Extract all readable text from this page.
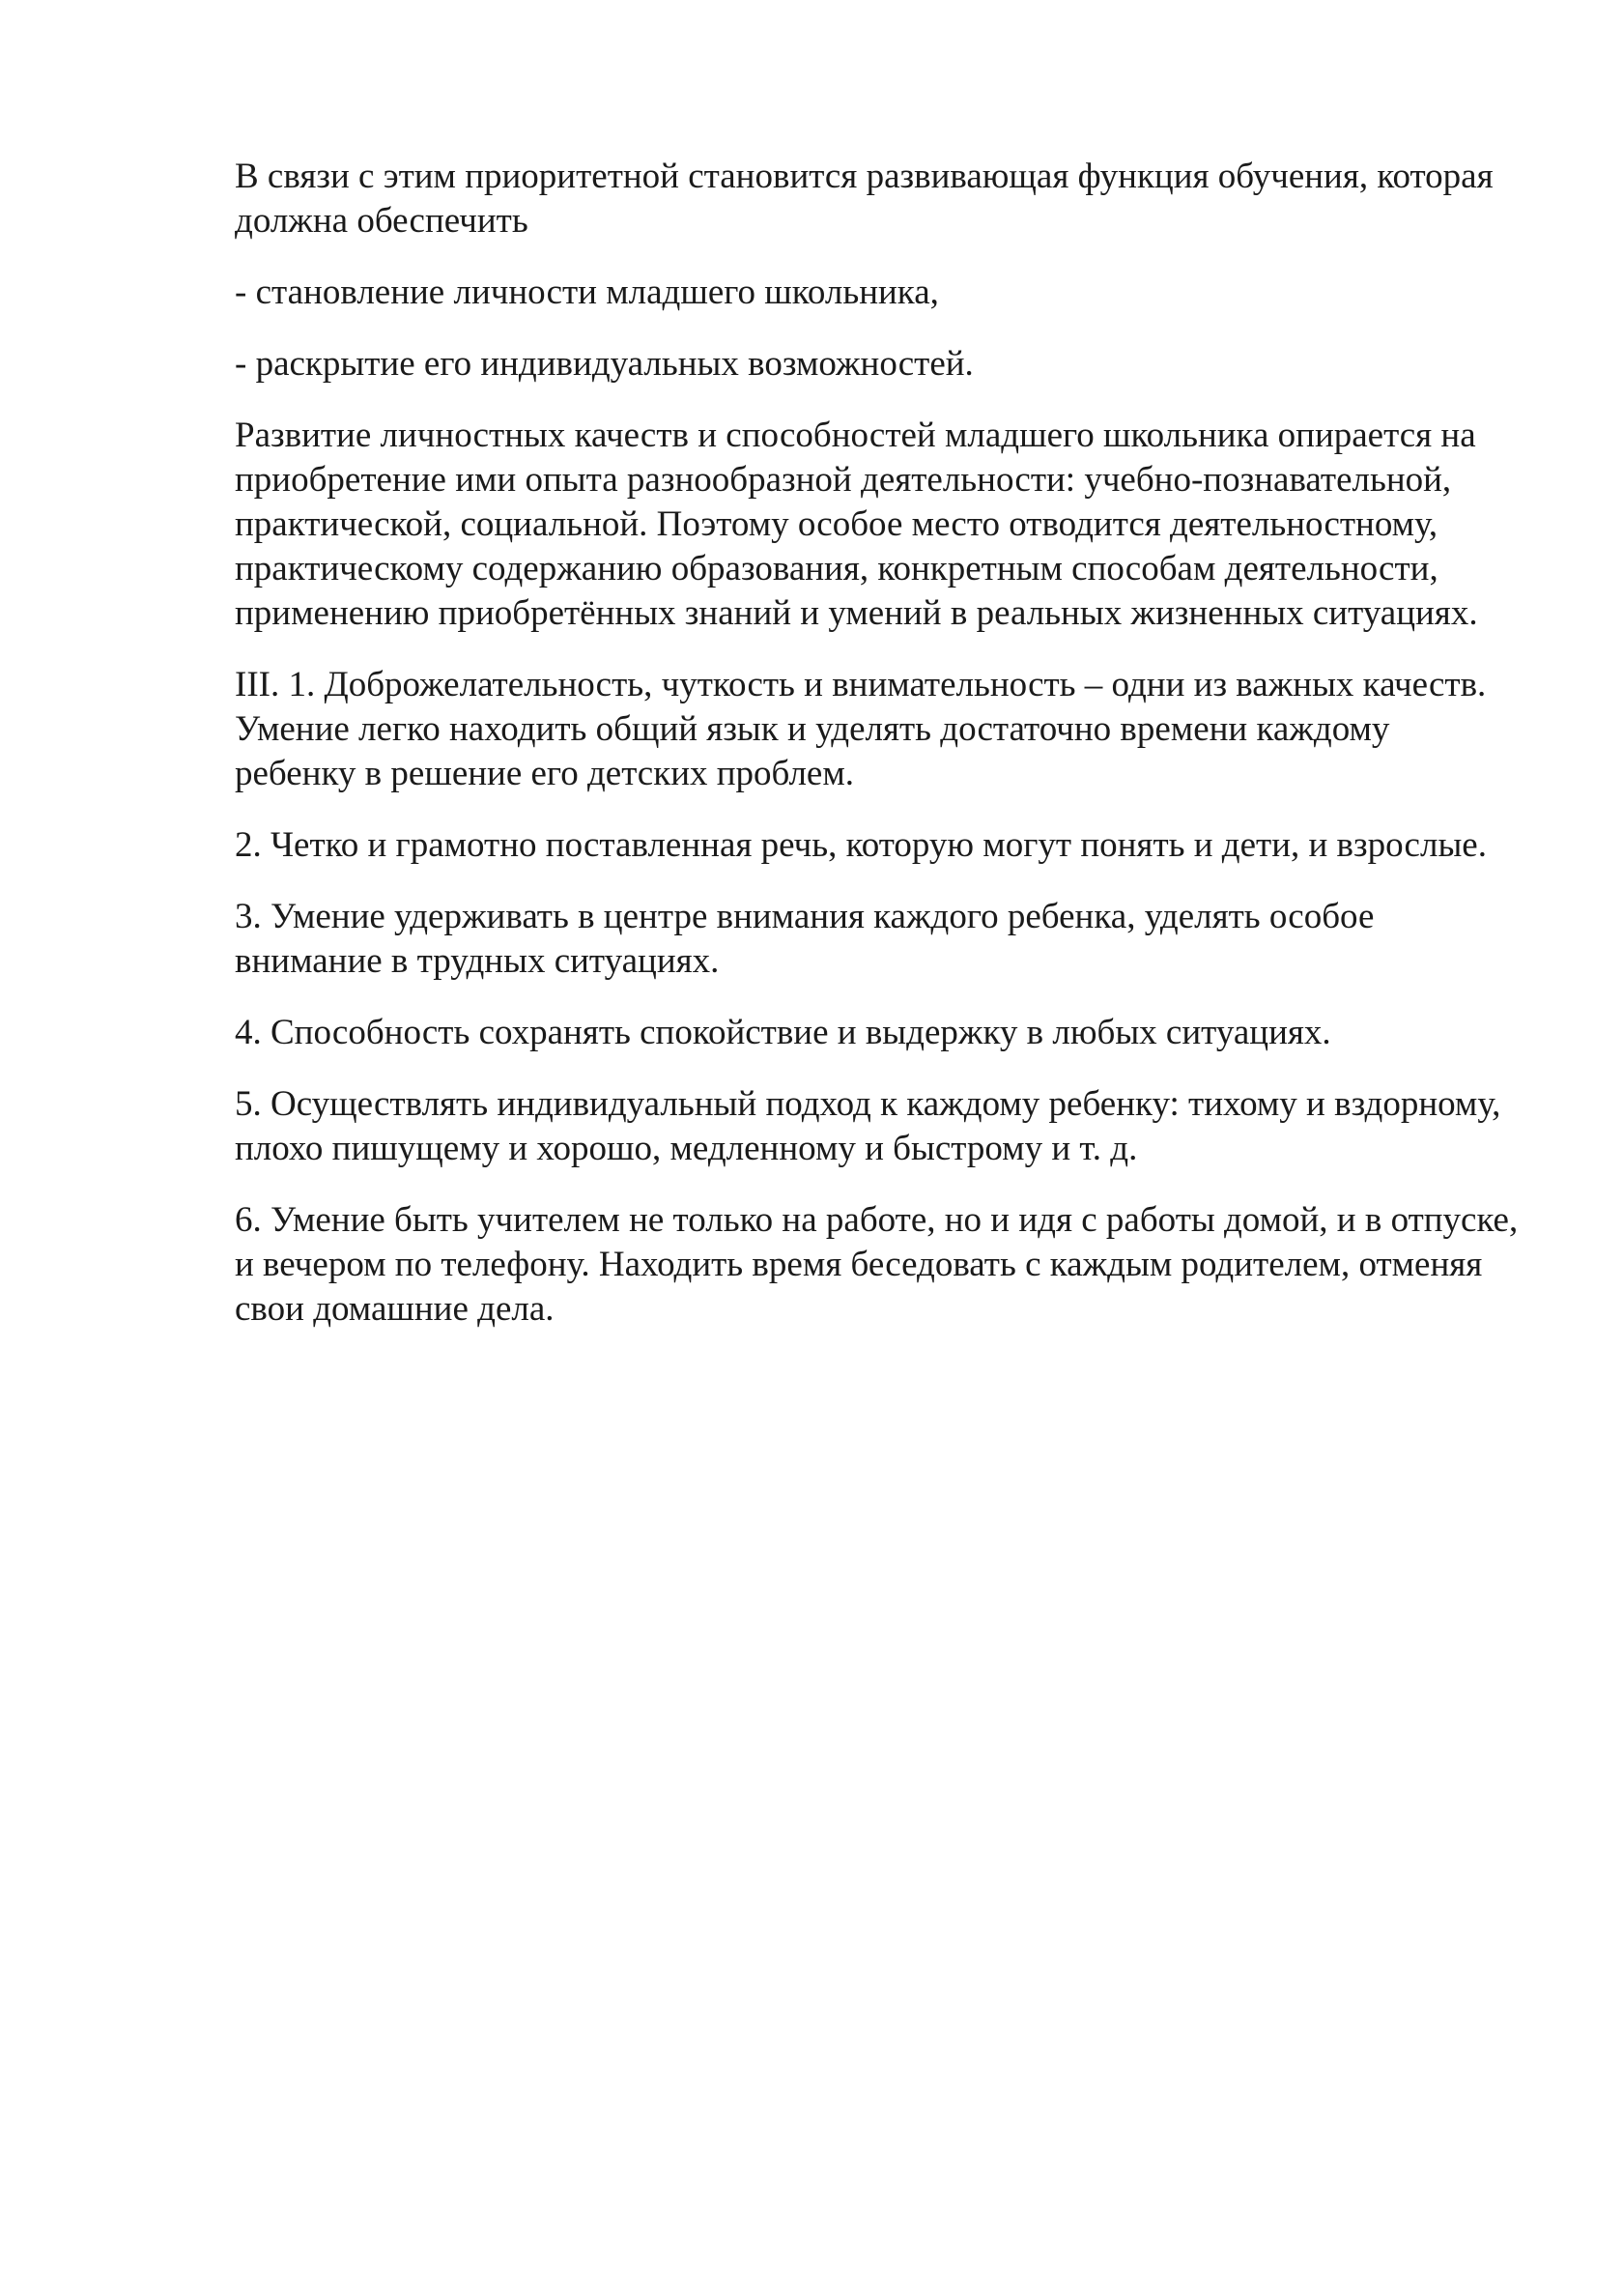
В связи с этим приоритетной становится развивающая функция обучения, которая должна обеспечить

- становление личности младшего школьника,

- раскрытие его индивидуальных возможностей.

Развитие личностных качеств и способностей младшего школьника опирается на приобретение ими опыта разнообразной деятельности: учебно-познавательной, практической, социальной. Поэтому особое место отводится деятельностному, практическому содержанию образования, конкретным способам деятельности, применению приобретённых знаний и умений в реальных жизненных ситуациях.

III. 1. Доброжелательность, чуткость и внимательность – одни из важных качеств. Умение легко находить общий язык и уделять достаточно времени каждому ребенку в решение его детских проблем.

2. Четко и грамотно поставленная речь, которую могут понять и дети, и взрослые.

3. Умение удерживать в центре внимания каждого ребенка, уделять особое внимание в трудных ситуациях.

4. Способность сохранять спокойствие и выдержку в любых ситуациях.

5. Осуществлять индивидуальный подход к каждому ребенку: тихому и вздорному, плохо пишущему и хорошо, медленному и быстрому и т. д.

6. Умение быть учителем не только на работе, но и идя с работы домой, и в отпуске, и вечером по телефону. Находить время беседовать с каждым родителем, отменяя свои домашние дела.
